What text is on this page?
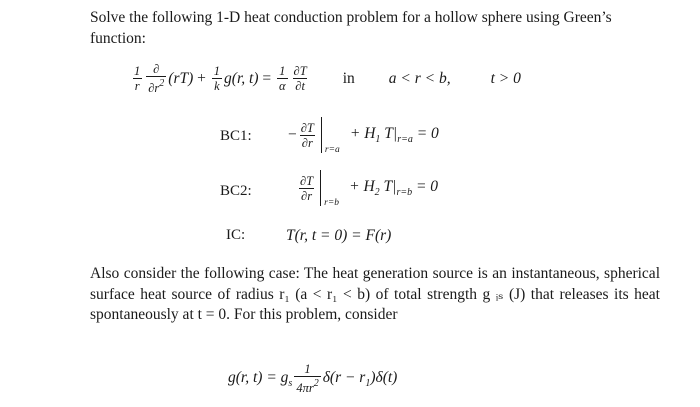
Solve the following 1-D heat conduction problem for a hollow sphere using Green’s function:
$\frac{1}{r} \frac{\partial}{\partial r^2} (rT) + \frac{1}{k} g(r$, t)
=
$\frac{1}{\alpha} \frac{\partial T}{\partial t}$ in a < r < b,	t > 0
BC1: − $\frac{\partial T}{\partial r}$
r=a
+ $H_1$ $T|_{r=a} = 0$
BC2:	$\frac{\partial T}{\partial r}$
r=b
+ $H_2$ $T|_{r=b} = 0$
IC:	T(r, t = 0) = F(r)
Also consider the following case: The heat generation source is an instantaneous, spherical surface heat source of radius r₁ (a < r₁ < b) of total strength g ᵢₛ (J) that releases its heat spontaneously at t = 0. For this problem, consider
g(r, $t) = g_s \frac{1}{4\pi r^2} \delta(r - r_1)\delta(t)$
